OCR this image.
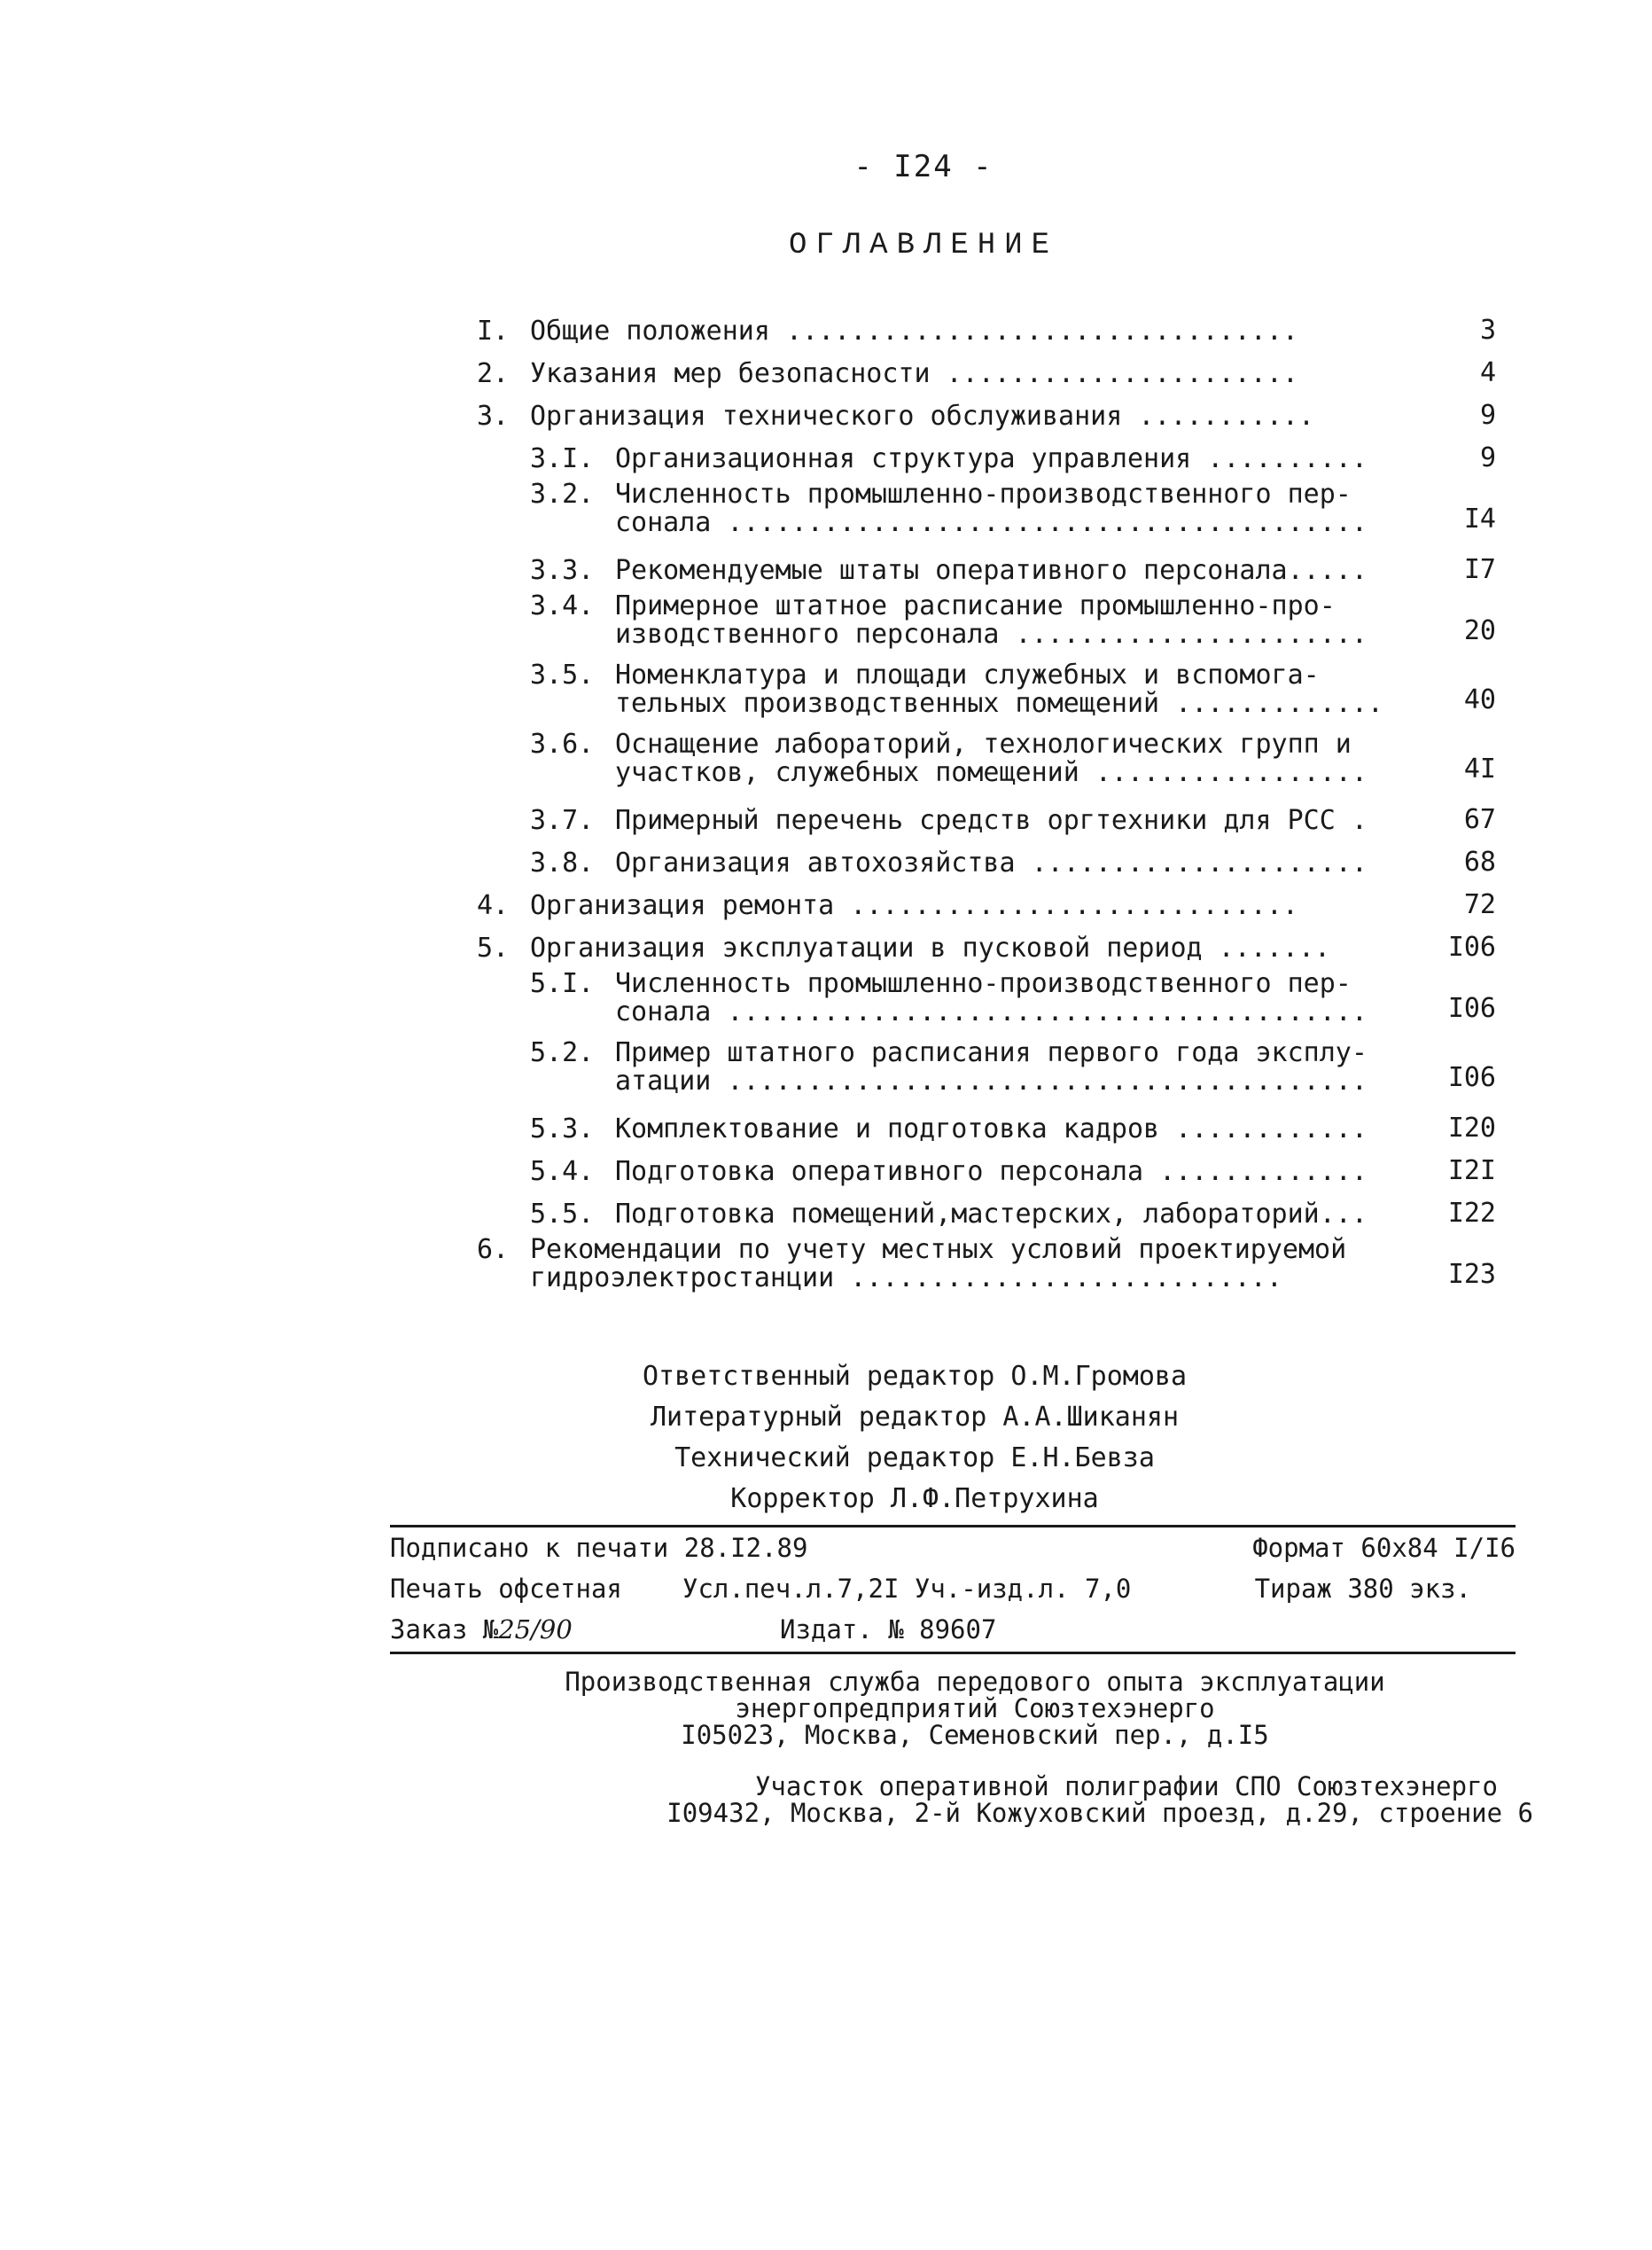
- I24 -
ОГЛАВЛЕНИЕ
I. Общие положения ................................	3
2. Указания мер безопасности ......................	4
3. Организация технического обслуживания ...........	9
3.I. Организационная структура управления ..........	9
3.2. Численность промышленно-производственного пер-
сонала ........................................	I4
3.3. Рекомендуемые штаты оперативного персонала.....	I7
3.4. Примерное штатное расписание промышленно-про-
изводственного персонала ......................	20
3.5. Номенклатура и площади служебных и вспомога-
тельных производственных помещений .............	40
3.6. Оснащение лабораторий, технологических групп и
участков, служебных помещений .................	4I
3.7. Примерный перечень средств оргтехники для РСС .	67
3.8. Организация автохозяйства .....................	68
4. Организация ремонта ............................	72
5. Организация эксплуатации в пусковой период .......	I06
5.I. Численность промышленно-производственного пер-
сонала ........................................	I06
5.2. Пример штатного расписания первого года эксплу-
атации ........................................	I06
5.3. Комплектование и подготовка кадров ............	I20
5.4. Подготовка оперативного персонала .............	I2I
5.5. Подготовка помещений,мастерских, лабораторий...	I22
6. Рекомендации по учету местных условий проектируемой
гидроэлектростанции ...........................	I23
Ответственный редактор О.М.Громова
Литературный редактор А.А.Шиканян
Технический редактор Е.Н.Бевза
Корректор Л.Ф.Петрухина
Подписано к печати 28.I2.89	Формат 60х84 I/I6
Печать офсетная Усл.печ.л.7,2I Уч.-изд.л. 7,0	Тираж 380 экз.
Заказ №25/90	Издат. № 89607
Производственная служба передового опыта эксплуатации
энергопредприятий Союзтехэнерго
I05023, Москва, Семеновский пер., д.I5
Участок оперативной полиграфии СПО Союзтехэнерго
I09432, Москва, 2-й Кожуховский проезд, д.29, строение 6
